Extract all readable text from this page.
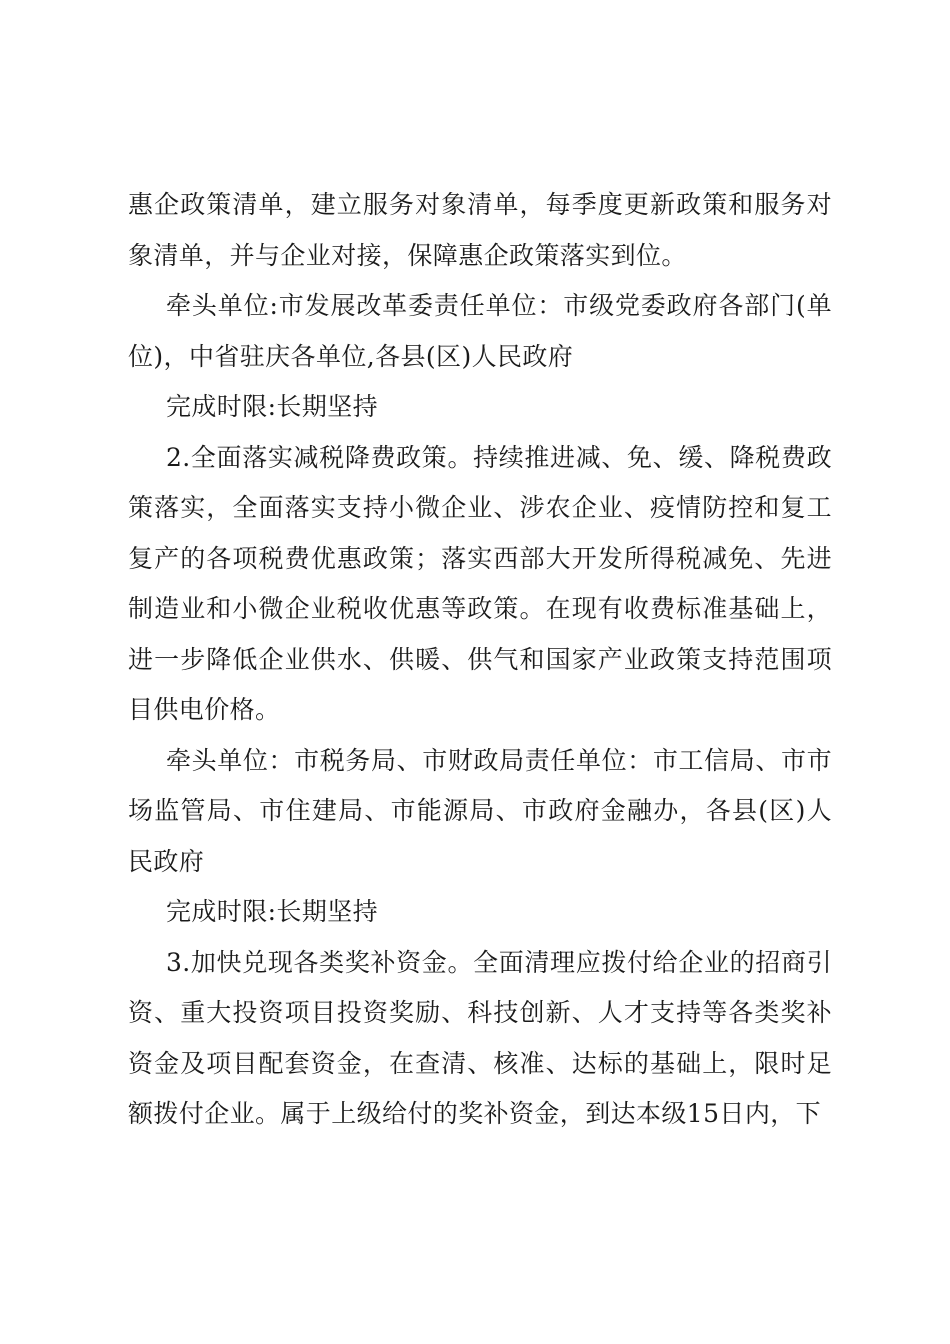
惠企政策清单，建立服务对象清单，每季度更新政策和服务对象清单，并与企业对接，保障惠企政策落实到位。

牵头单位:市发展改革委责任单位：市级党委政府各部门(单位)，中省驻庆各单位,各县(区)人民政府

完成时限:长期坚持

2.全面落实减税降费政策。持续推进减、免、缓、降税费政策落实，全面落实支持小微企业、涉农企业、疫情防控和复工复产的各项税费优惠政策；落实西部大开发所得税减免、先进制造业和小微企业税收优惠等政策。在现有收费标准基础上，进一步降低企业供水、供暖、供气和国家产业政策支持范围项目供电价格。

牵头单位：市税务局、市财政局责任单位：市工信局、市市场监管局、市住建局、市能源局、市政府金融办，各县(区)人民政府

完成时限:长期坚持

3.加快兑现各类奖补资金。全面清理应拨付给企业的招商引资、重大投资项目投资奖励、科技创新、人才支持等各类奖补资金及项目配套资金，在查清、核准、达标的基础上，限时足额拨付企业。属于上级给付的奖补资金，到达本级15日内，下
